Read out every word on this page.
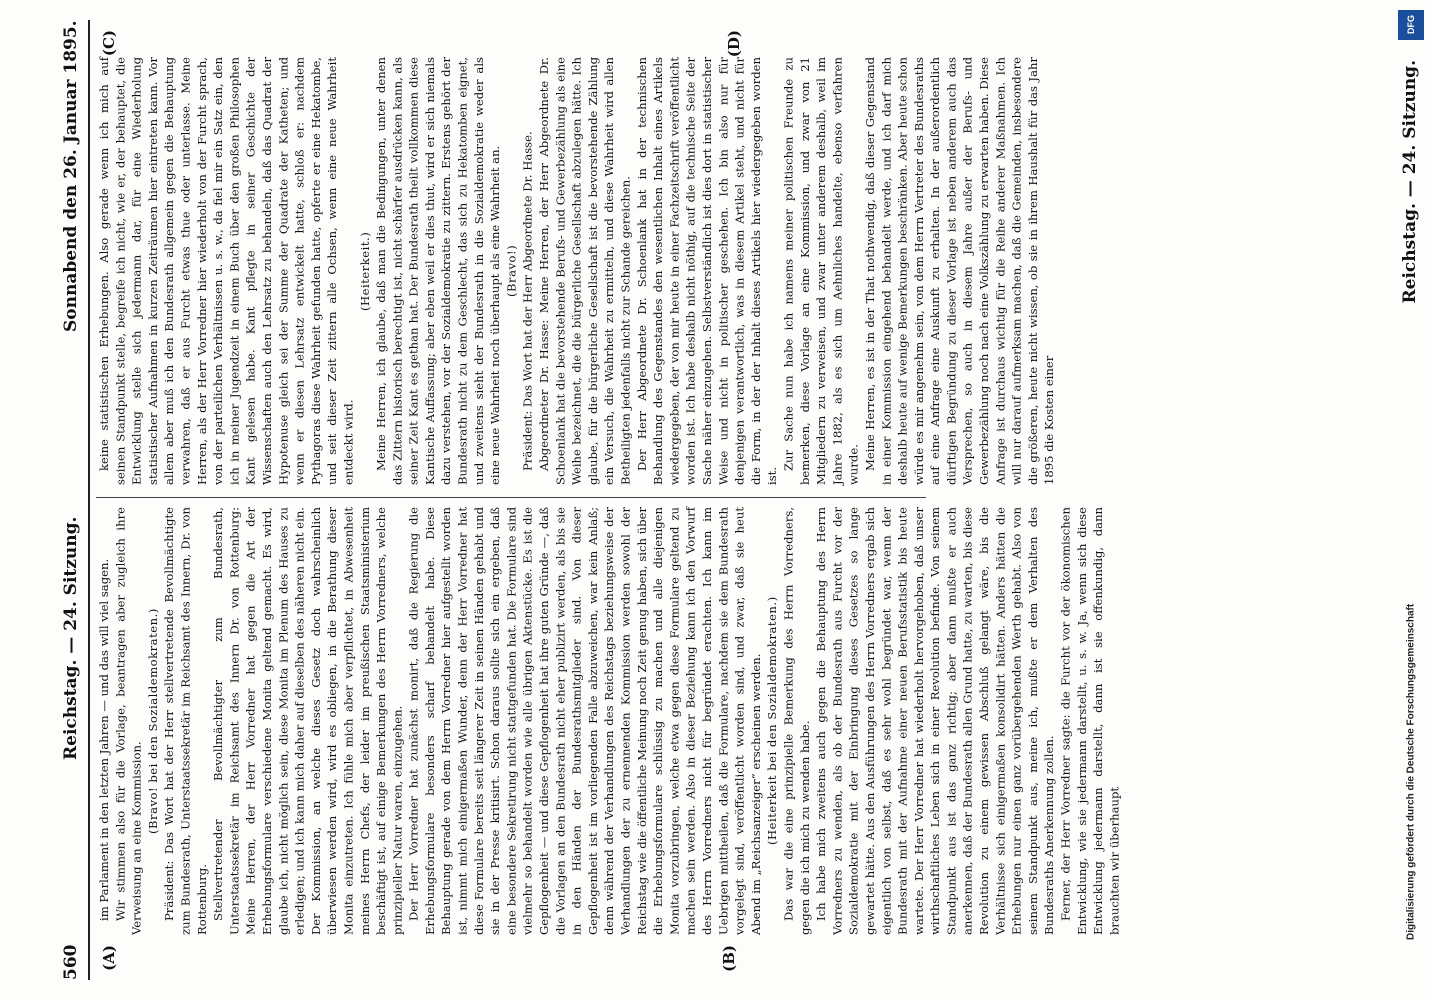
Reichstag. — 24. Sitzung.
560
Reichstag. — 24. Sitzung.
Sonnabend den 26. Januar 1895.

im Parlament in den letzten Jahren — und das will viel sagen. Wir stimmen also für die Vorlage, beantragen aber zugleich ihre Verweisung an eine Kommission.

(Bravo! bei den Sozialdemokraten.) Präsident: Das Wort hat der Herr stellvertretende Bevollmächtigte zum Bundesrath, Unterstaatssekretär im Reichsamt des Innern, Dr. von Rottenburg. Stellvertretender Bevollmächtigter zum Bundesrath, Unterstaatssekretär im Reichsamt des Innern Dr. von Rottenburg: Meine Herren, der Herr Vorredner hat gegen die Art der Erhebungsformulare verschiedene Monita geltend gemacht. Es wird, glaube ich, nicht möglich sein, diese Monita im Plenum des Hauses zu erledigen; und ich kann mich daher auf dieselben des näheren nicht ein. Der Kommission, an welche dieses Gesetz doch wahrscheinlich überwiesen werden wird, wird es obliegen, in die Berathung dieser Monita einzutreten. Ich fühle mich aber verpflichtet, in Abwesenheit meines Herrn Chefs, der leider im preußischen Staatsministerium beschäftigt ist, auf einige Bemerkungen des Herrn Vorredners, welche prinzipieller Natur waren, einzugehen. Der Herr Vorredner hat zunächst monirt, daß die Regierung die Erhebungsformulare besonders scharf behandelt habe. Diese Behauptung gerade von dem Herrn Vorredner hier aufgestellt worden ist, nimmt mich einigermaßen Wunder, denn der Herr Vorredner hat diese Formulare bereits seit längerer Zeit in seinen Händen gehabt und sie in der Presse kritisirt. Schon daraus sollte sich ein ergeben, daß eine besondere Sekretirung nicht stattgefunden hat. Die Formulare sind vielmehr so behandelt worden wie alle übrigen Aktenstücke. Es ist die Gepflogenheit — und diese Gepflogenheit hat ihre guten Gründe —, daß die Vorlagen an den Bundesrath nicht eher publizirt werden, als bis sie in den Händen der Bundesrathsmitglieder sind. Von dieser Gepflogenheit ist im vorliegenden Falle abzuweichen, war kein Anlaß; denn während der Verhandlungen des Reichstags beziehungsweise der Verhandlungen der zu ernennenden Kommission werden sowohl der Reichstag wie die öffentliche Meinung noch Zeit genug haben, sich über die Erhebungsformulare schlüssig zu machen und alle diejenigen Monita vorzubringen, welche etwa gegen diese Formulare geltend zu machen sein werden. Also in dieser Beziehung kann ich den Vorwurf des Herrn Vorredners nicht für begründet erachten. Ich kann im Uebrigen mittheilen, daß die Formulare, nachdem sie dem Bundesrath vorgelegt sind, veröffentlicht worden sind, und zwar, daß sie heut Abend im „Reichsanzeiger“ erscheinen werden. (Heiterkeit bei den Sozialdemokraten.) Das war die eine prinzipielle Bemerkung des Herrn Vorredners, gegen die ich mich zu wenden habe. Ich habe mich zweitens auch gegen die Behauptung des Herrn Vorredners zu wenden, als ob der Bundesrath aus Furcht vor der Sozialdemokratie mit der Einbringung dieses Gesetzes so lange gewartet hätte. Aus den Ausführungen des Herrn Vorredners ergab sich eigentlich von selbst, daß es sehr wohl begründet war, wenn der Bundesrath mit der Aufnahme einer neuen Berufsstatistik bis heute wartete. Der Herr Vorredner hat wiederholt hervorgehoben, daß unser wirthschaftliches Leben sich in einer Revolution befinde. Von seinem Standpunkt aus ist das ganz richtig; aber dann mußte er auch anerkennen, daß der Bundesrath allen Grund hatte, zu warten, bis diese Revolution zu einem gewissen Abschluß gelangt wäre, bis die Verhältnisse sich einigermaßen konsolidirt hätten. Anders hätten die Erhebungen nur einen ganz vorübergehenden Werth gehabt. Also von seinem Standpunkt aus, meine ich, mußte er dem Verhalten des Bundesraths Anerkennung zollen. Ferner, der Herr Vorredner sagte: die Furcht vor der ökonomischen Entwicklung, wie sie jedermann darstellt, u. s. w. Ja, wenn sich diese Entwicklung jedermann darstellt, dann ist sie offenkundig, dann brauchten wir überhaupt

keine statistischen Erhebungen. Also gerade wenn ich mich auf seinen Standpunkt stelle, begreife ich nicht, wie er, der behauptet, die Entwicklung stelle sich jedermann dar, für eine Wiederholung statistischer Aufnahmen in kurzen Zeiträumen hier eintreten kann. Vor allem aber muß ich den Bundesrath allgemein gegen die Behauptung verwahren, daß er aus Furcht etwas thue oder unterlasse. Meine Herren, als der Herr Vorredner hier wiederholt von der Furcht sprach, von der parteilichen Verhältnissen u. s. w., da fiel mir ein Satz ein, den ich in meiner Jugendzeit in einem Buch über den großen Philosophen Kant gelesen habe. Kant pflegte in seiner Geschichte der Wissenschaften auch den Lehrsatz zu behandeln, daß das Quadrat der Hypotenuse gleich sei der Summe der Quadrate der Katheten; und wenn er diesen Lehrsatz entwickelt hatte, schloß er: nachdem Pythagoras diese Wahrheit gefunden hatte, opferte er eine Hekatombe, und seit dieser Zeit zittern alle Ochsen, wenn eine neue Wahrheit entdeckt wird.

(Heiterkeit.) Meine Herren, ich glaube, daß man die Bedingungen, unter denen das Zittern historisch berechtigt ist, nicht schärfer ausdrücken kann, als seiner Zeit Kant es gethan hat. Der Bundesrath theilt vollkommen diese Kantische Auffassung; aber eben weil er dies thut, wird er sich niemals dazu verstehen, vor der Sozialdemokratie zu zittern. Erstens gehört der Bundesrath nicht zu dem Geschlecht, das sich zu Hekatomben eignet, und zweitens sieht der Bundesrath in die Sozialdemokratie weder als eine neue Wahrheit noch überhaupt als eine Wahrheit an. (Bravo!) Präsident: Das Wort hat der Herr Abgeordnete Dr. Hasse. Abgeordneter Dr. Hasse: Meine Herren, der Herr Abgeordnete Dr. Schoenlank hat die bevorstehende Berufs- und Gewerbezählung als eine Weihe bezeichnet, die die bürgerliche Gesellschaft abzulegen hätte. Ich glaube, für die bürgerliche Gesellschaft ist die bevorstehende Zählung ein Versuch, die Wahrheit zu ermitteln, und diese Wahrheit wird allen Betheiligten jedenfalls nicht zur Schande gereichen. Der Herr Abgeordnete Dr. Schoenlank hat in der technischen Behandlung des Gegenstandes den wesentlichen Inhalt eines Artikels wiedergegeben, der von mir heute in einer Fachzeitschrift veröffentlicht worden ist. Ich habe deshalb nicht nöthig, auf die technische Seite der Sache näher einzugehen. Selbstverständlich ist dies dort in statistischer Weise und nicht in politischer geschehen. Ich bin also nur für denjenigen verantwortlich, was in diesem Artikel steht, und nicht für die Form, in der der Inhalt dieses Artikels hier wiedergegeben worden ist.

Zur Sache nun habe ich namens meiner politischen Freunde zu bemerken, diese Vorlage an eine Kommission, und zwar von 21 Mitgliedern zu verweisen, und zwar unter anderem deshalb, weil im Jahre 1882, als es sich um Aehnliches handelte, ebenso verfahren wurde. Meine Herren, es ist in der That nothwendig, daß dieser Gegenstand in einer Kommission eingehend behandelt werde, und ich darf mich deshalb heute auf wenige Bemerkungen beschränken. Aber heute schon würde es mir angenehm sein, von dem Herrn Vertreter des Bundesraths auf eine Anfrage eine Auskunft zu erhalten. In der außerordentlich dürftigen Begründung zu dieser Vorlage ist neben anderem auch das Versprechen, so auch in diesem Jahre außer der Berufs- und Gewerbezählung noch nach eine Volkszählung zu erwarten haben. Diese Anfrage ist durchaus wichtig für die Reihe anderer Maßnahmen. Ich will nur darauf aufmerksam machen, daß die Gemeinden, insbesondere die größeren, heute nicht wissen, ob sie in ihrem Haushalt für das Jahr 1895 die Kosten einer

(A)	(B)
(C)	(D)
DFG
Digitalisierung gefördert durch die Deutsche Forschungsgemeinschaft
